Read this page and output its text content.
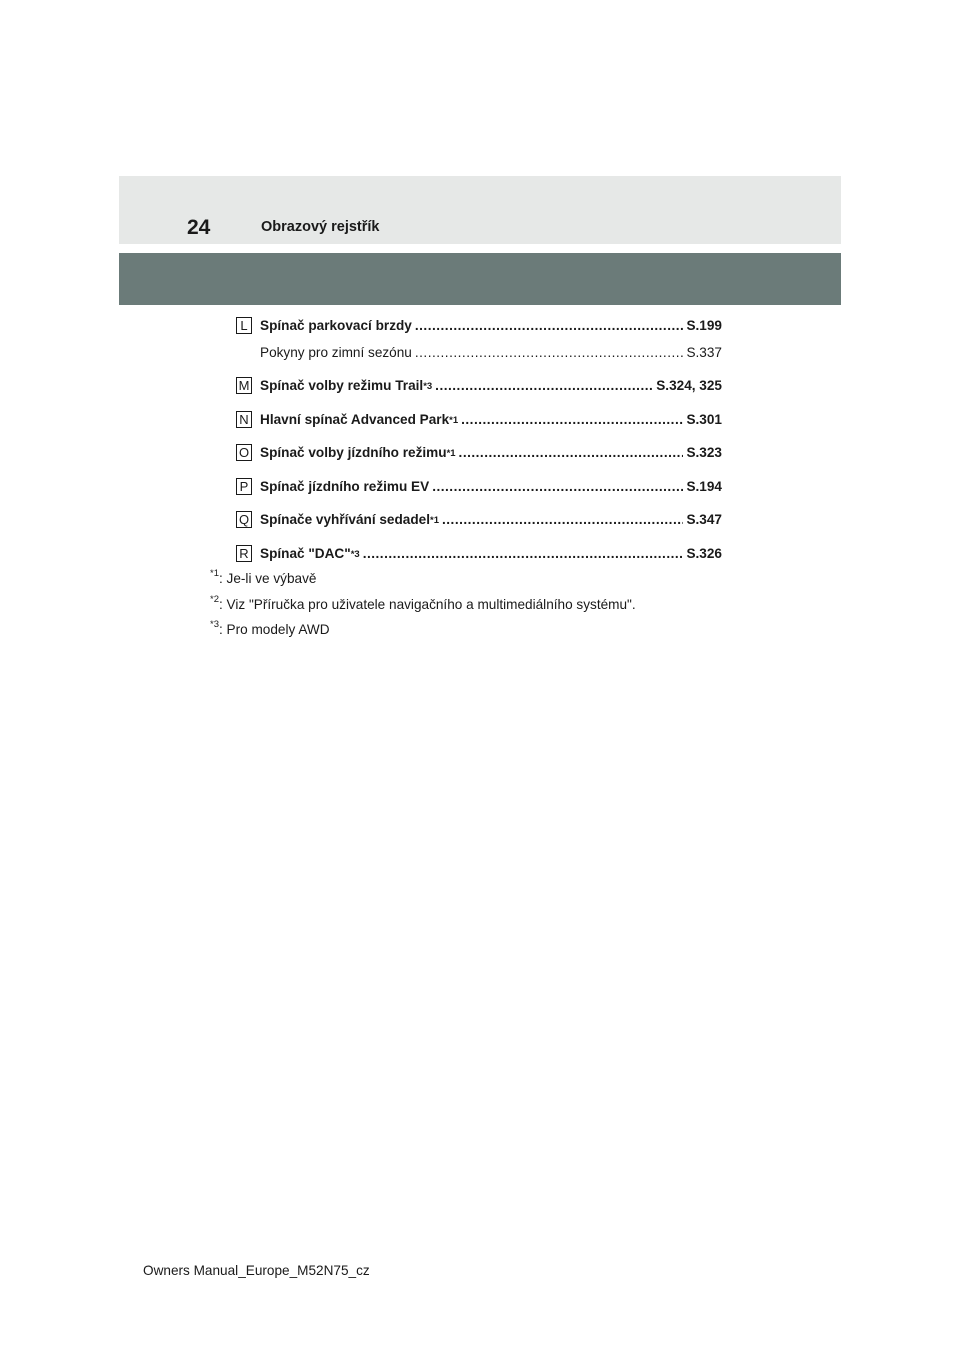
24	Obrazový rejstřík
L Spínač parkovací brzdy .....	S.199
Pokyny pro zimní sezónu .....	S.337
M Spínač volby režimu Trail$^{*3}$ .....	S.324, 325
N Hlavní spínač Advanced Park$^{*1}$ .....	S.301
O Spínač volby jízdního režimu$^{*1}$ .....	S.323
P Spínač jízdního režimu EV .....	S.194
Q Spínače vyhřívání sedadel$^{*1}$ .....	S.347
R Spínač "DAC"$^{*3}$ .....	S.326
$^{*1}$: Je-li ve výbavě
$^{*2}$: Viz "Příručka pro uživatele navigačního a multimediálního systému".
$^{*3}$: Pro modely AWD
Owners Manual_Europe_M52N75_cz
